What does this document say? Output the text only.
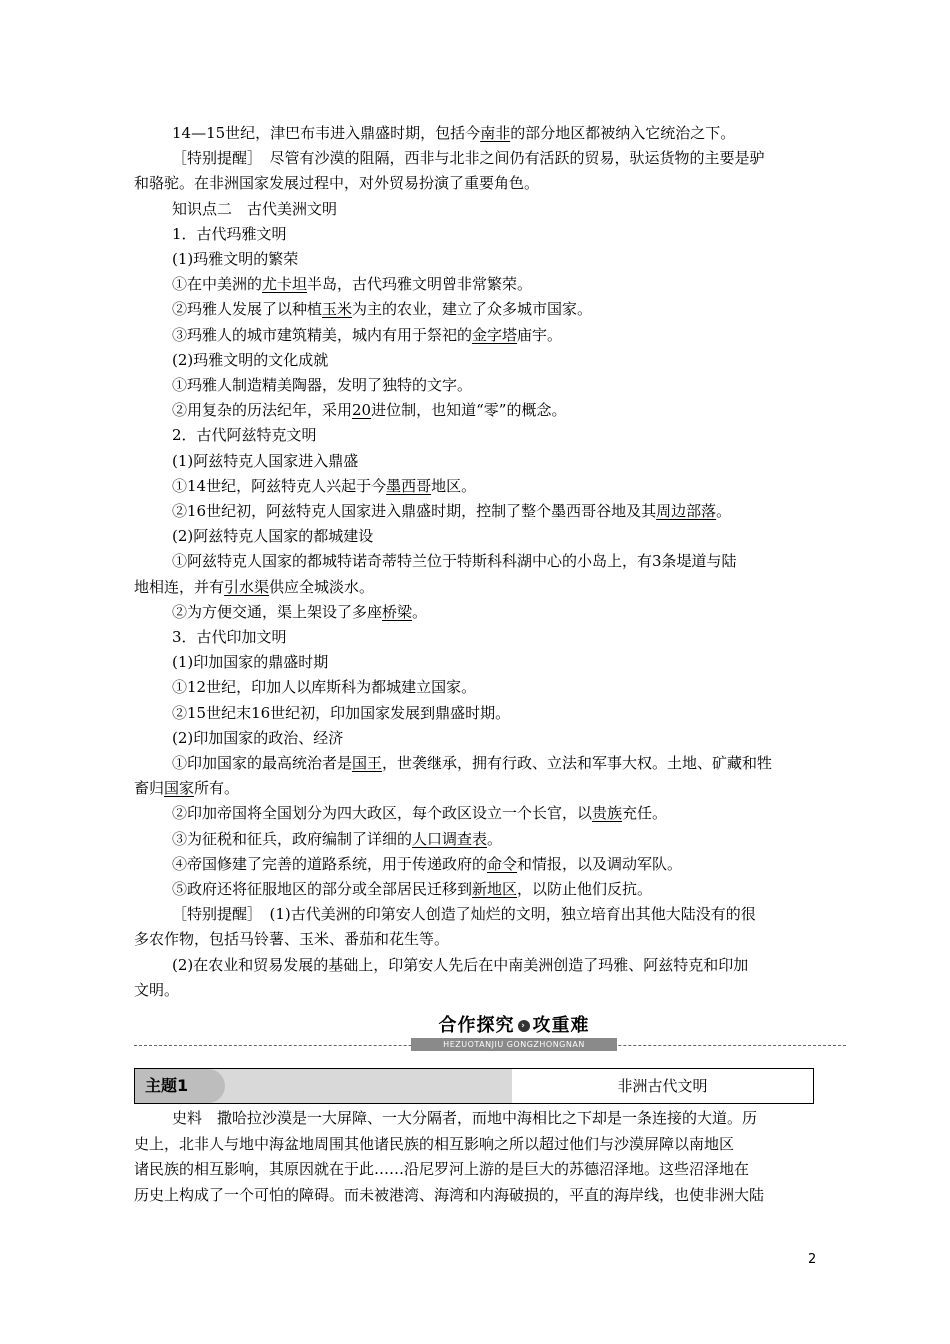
14—15世纪，津巴布韦进入鼎盛时期，包括今南非的部分地区都被纳入它统治之下。
［特别提醒］　尽管有沙漠的阻隔，西非与北非之间仍有活跃的贸易，驮运货物的主要是驴
和骆驼。在非洲国家发展过程中，对外贸易扮演了重要角色。
知识点二　古代美洲文明
1．古代玛雅文明
(1)玛雅文明的繁荣
①在中美洲的尤卡坦半岛，古代玛雅文明曾非常繁荣。
②玛雅人发展了以种植玉米为主的农业，建立了众多城市国家。
③玛雅人的城市建筑精美，城内有用于祭祀的金字塔庙宇。
(2)玛雅文明的文化成就
①玛雅人制造精美陶器，发明了独特的文字。
②用复杂的历法纪年，采用20进位制，也知道“零”的概念。
2．古代阿兹特克文明
(1)阿兹特克人国家进入鼎盛
①14世纪，阿兹特克人兴起于今墨西哥地区。
②16世纪初，阿兹特克人国家进入鼎盛时期，控制了整个墨西哥谷地及其周边部落。
(2)阿兹特克人国家的都城建设
①阿兹特克人国家的都城特诺奇蒂特兰位于特斯科科湖中心的小岛上，有3条堤道与陆
地相连，并有引水渠供应全城淡水。
②为方便交通，渠上架设了多座桥梁。
3．古代印加文明
(1)印加国家的鼎盛时期
①12世纪，印加人以库斯科为都城建立国家。
②15世纪末16世纪初，印加国家发展到鼎盛时期。
(2)印加国家的政治、经济
①印加国家的最高统治者是国王，世袭继承，拥有行政、立法和军事大权。土地、矿藏和牲
畜归国家所有。
②印加帝国将全国划分为四大政区，每个政区设立一个长官，以贵族充任。
③为征税和征兵，政府编制了详细的人口调查表。
④帝国修建了完善的道路系统，用于传递政府的命令和情报，以及调动军队。
⑤政府还将征服地区的部分或全部居民迁移到新地区，以防止他们反抗。
［特别提醒］　(1)古代美洲的印第安人创造了灿烂的文明，独立培育出其他大陆没有的很
多农作物，包括马铃薯、玉米、番茄和花生等。
(2)在农业和贸易发展的基础上，印第安人先后在中南美洲创造了玛雅、阿兹特克和印加
文明。
合作探究 › 攻重难
HEZUOTANJIU GONGZHONGNAN
主题1	非洲古代文明
史料　撒哈拉沙漠是一大屏障、一大分隔者，而地中海相比之下却是一条连接的大道。历
史上，北非人与地中海盆地周围其他诸民族的相互影响之所以超过他们与沙漠屏障以南地区
诸民族的相互影响，其原因就在于此……沿尼罗河上游的是巨大的苏德沼泽地。这些沼泽地在
历史上构成了一个可怕的障碍。而未被港湾、海湾和内海破损的，平直的海岸线，也使非洲大陆
2
